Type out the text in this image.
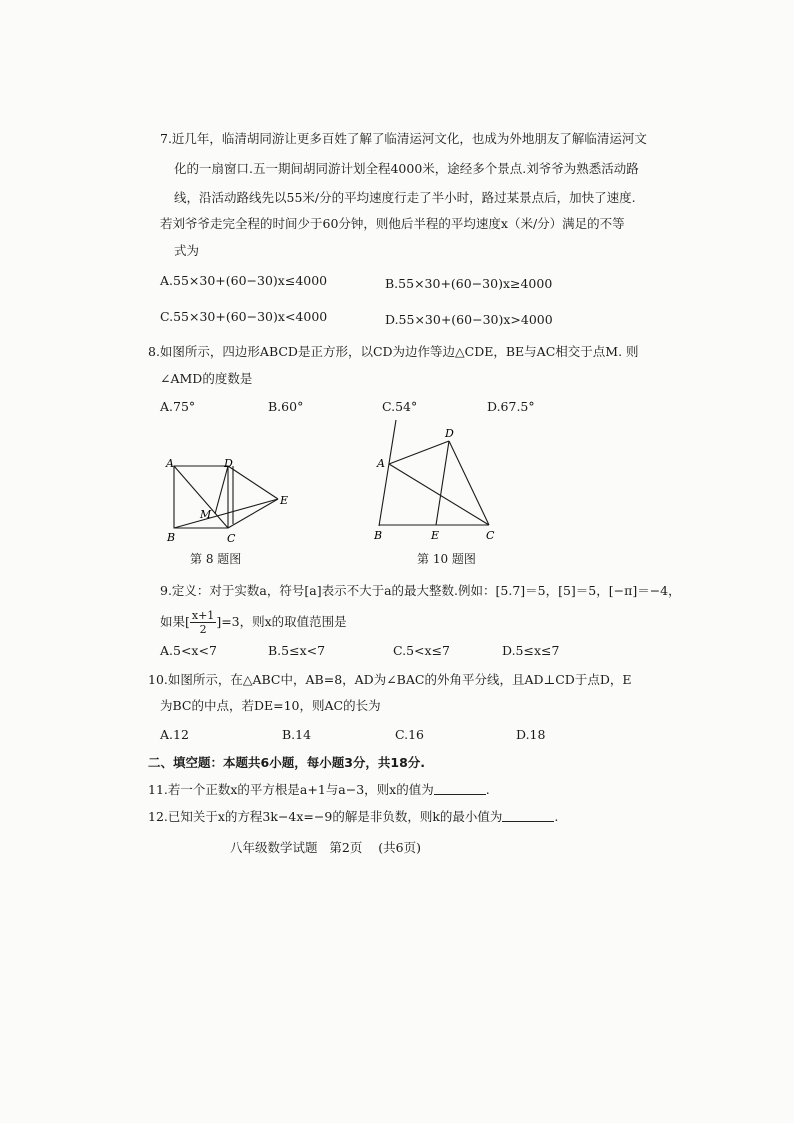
7.近几年，临清胡同游让更多百姓了解了临清运河文化，也成为外地朋友了解临清运河文
化的一扇窗口.五一期间胡同游计划全程4000米，途经多个景点.刘爷爷为熟悉活动路
线，沿活动路线先以55米/分的平均速度行走了半小时，路过某景点后，加快了速度.
若刘爷爷走完全程的时间少于60分钟，则他后半程的平均速度x（米/分）满足的不等
式为
A.55×30+(60−30)x≤4000	B.55×30+(60−30)x≥4000
C.55×30+(60−30)x<4000	D.55×30+(60−30)x>4000
8.如图所示，四边形ABCD是正方形，以CD为边作等边△CDE，BE与AC相交于点M. 则
∠AMD的度数是
A.75°	B.60°	C.54°	D.67.5°
A	D
E
M
B	C
第 8 题图
D
A
B	E	C
第 10 题图
9.定义：对于实数a，符号[a]表示不大于a的最大整数.例如：[5.7]＝5，[5]＝5，[−π]＝−4，
如果[ $\frac{x+1}{2} ]=3$，则x的取值范围是
A.5<x<7	B.5≤x<7	C.5<x≤7	D.5≤x≤7
10.如图所示，在△ABC中，AB=8，AD为∠BAC的外角平分线，且AD⊥CD于点D，E
为BC的中点，若DE=10，则AC的长为
A.12	B.14	C.16	D.18
二、填空题：本题共6小题，每小题3分，共18分.
11.若一个正数x的平方根是a+1与a−3，则x的值为	.
12.已知关于x的方程3k−4x=−9的解是非负数，则k的最小值为	.
八年级数学试题   第2页    (共6页)
